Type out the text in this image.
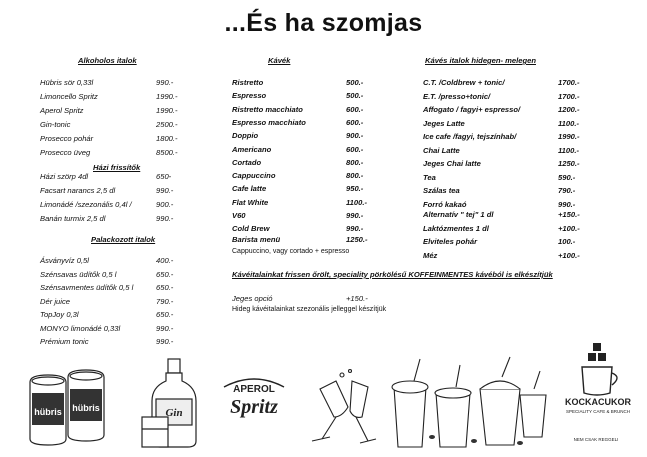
...És ha szomjas
Alkoholos italok
Hübris sör 0,33l	990.-
Limoncello Spritz	1990.-
Aperol Spritz	1990.-
Gin-tonic	2500.-
Prosecco pohár	1800.-
Prosecco üveg	8500.-
Házi frissítők
Házi szörp 4dl	650-
Facsart narancs 2,5 dl	990.-
Limonádé /szezonális 0,4l /	900.-
Banán turmix 2,5 dl	990.-
Palackozott italok
Ásványvíz 0,5l	400.-
Szénsavas üdítők 0,5 l	650.-
Szénsavmentes üdítők 0,5 l	650.-
Dér juice	790.-
TopJoy 0,3l	650.-
MONYO limonádé 0,33l	990.-
Prémium tonic	990.-
Kávék
Ristretto	500.-
Espresso	500.-
Ristretto macchiato	600.-
Espresso macchiato	600.-
Doppio	900.-
Americano	600.-
Cortado	800.-
Cappuccino	800.-
Cafe latte	950.-
Flat White	1100.-
V60	990.-
Cold Brew	990.-
Barista menü	1250.-
Cappuccino, vagy cortado + espresso
Kávés italok hidegen- melegen
C.T. /Coldbrew + tonic/	1700.-
E.T. /presso+tonic/	1700.-
Affogato / fagyi+ espresso/	1200.-
Jeges Latte	1100.-
Ice cafe /fagyi, tejszínhab/	1990.-
Chai Latte	1100.-
Jeges Chai latte	1250.-
Tea	590.-
Szálas tea	790.-
Forró kakaó	990.-
Alternatív " tej" 1 dl	+150.-
Laktózmentes 1 dl	+100.-
Elviteles pohár	100.-
Méz	+100.-
Kávéitalainkat frissen őrölt, speciality pörkölésű KOFFEINMENTES kávéból is elkészítjük
Jeges opció	+150.-
Hideg kávéitalainkat szezonális jelleggel készítjük
hübris hübris	Gin
APEROL
Spritz	KOCKACUKOR
SPECIALITY CAFE & BRUNCH
NEM CSAK REGGELI
